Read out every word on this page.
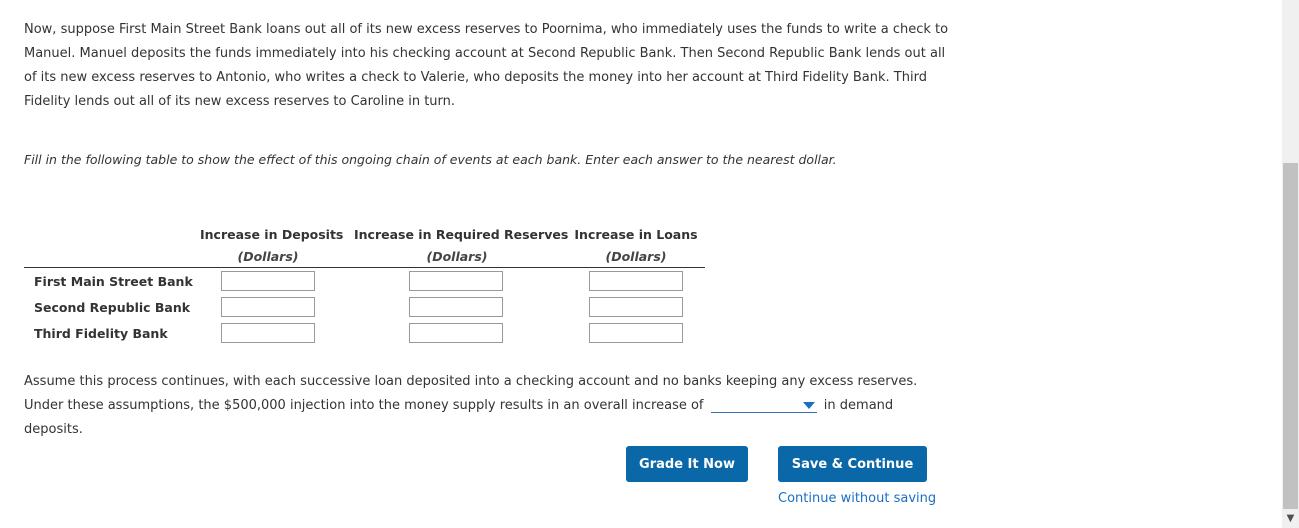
Now, suppose First Main Street Bank loans out all of its new excess reserves to Poornima, who immediately uses the funds to write a check to Manuel. Manuel deposits the funds immediately into his checking account at Second Republic Bank. Then Second Republic Bank lends out all of its new excess reserves to Antonio, who writes a check to Valerie, who deposits the money into her account at Third Fidelity Bank. Third Fidelity lends out all of its new excess reserves to Caroline in turn.

Fill in the following table to show the effect of this ongoing chain of events at each bank. Enter each answer to the nearest dollar.

Increase in Deposits
(Dollars)
Increase in Required Reserves
(Dollars)
Increase in Loans
(Dollars)
First Main Street Bank
Second Republic Bank
Third Fidelity Bank

Assume this process continues, with each successive loan deposited into a checking account and no banks keeping any excess reserves. Under these assumptions, the $500,000 injection into the money supply results in an overall increase of	in demand deposits.

Grade It Now	Save & Continue
Continue without saving
▼
